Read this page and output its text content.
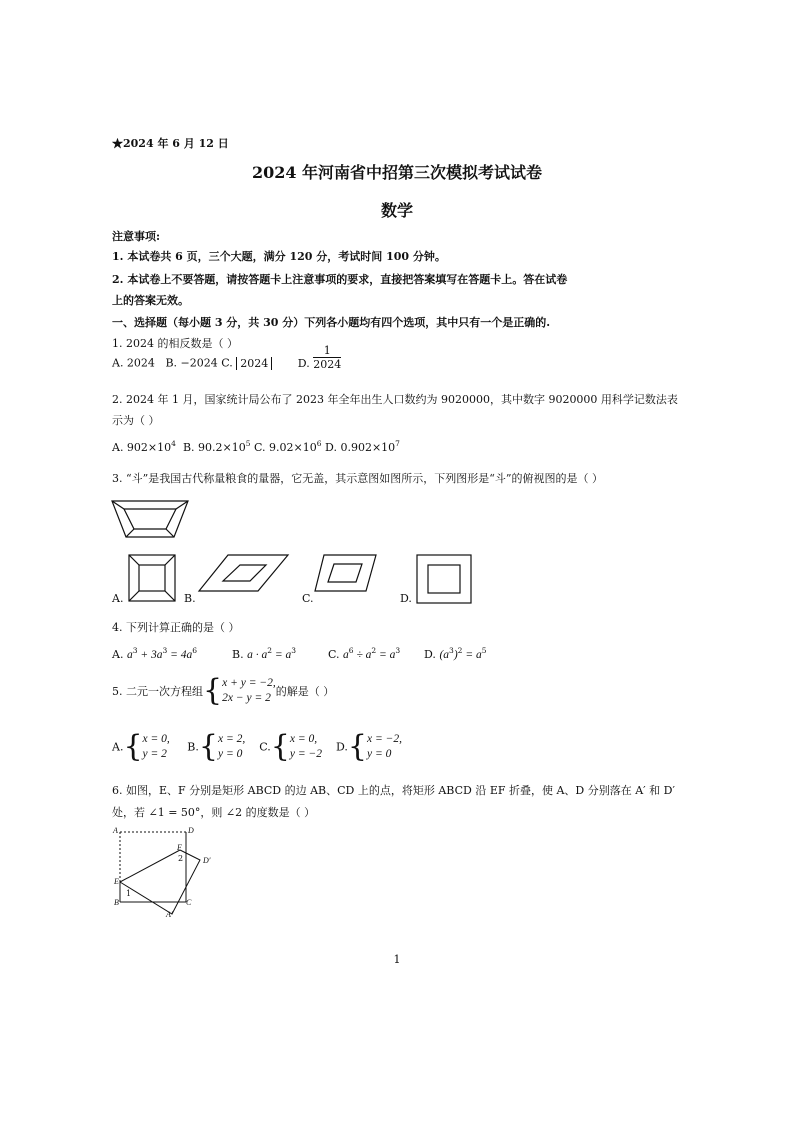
★2024 年 6 月 12 日
2024 年河南省中招第三次模拟考试试卷
数学
注意事项:
1. 本试卷共 6 页，三个大题，满分 120 分，考试时间 100 分钟。
2. 本试卷上不要答题，请按答题卡上注意事项的要求，直接把答案填写在答题卡上。答在试卷
上的答案无效。
一、选择题（每小题 3 分，共 30 分）下列各小题均有四个选项，其中只有一个是正确的.
1. 2024 的相反数是（ ）
A. 2024 B. −2024 C. 2024	D. $\frac{1}{2024}$
2. 2024 年 1 月，国家统计局公布了 2023 年全年出生人口数约为 9020000，其中数字 9020000 用科学记数法表
示为（ ）
A. $902\times 10^4$ B. $90.2\times 10^5$ C. $9.02\times 10^6$ D. $0.902\times 10^7$
3. “斗”是我国古代称量粮食的量器，它无盖，其示意图如图所示，下列图形是“斗”的俯视图的是（ ）
A.	B.	C.	D.
4. 下列计算正确的是（ ）
A. $a^3 + 3a^3 = 4a^6$	B. $a \cdot a^2 = a^3$	C. $a^6 \div a^2 = a^3$ D. $(a^3)^2 = a^5$
5. 二元一次方程组{ x + y = −2,
2x − y = 2 的解是（ ）
A.{ x = 0,
y = 2
B.{ x = 2,
y = 0
C.{ x = 0,
y = −2
D.{ x = −2,
y = 0
6. 如图，E、F 分别是矩形 ABCD 的边 AB、CD 上的点，将矩形 ABCD 沿 EF 折叠，使 A、D 分别落在 A′ 和 D′
处，若 ∠1 = 50°，则 ∠2 的度数是（ ）
A	D
F
2 D′
E
1
B
A′
C
1
